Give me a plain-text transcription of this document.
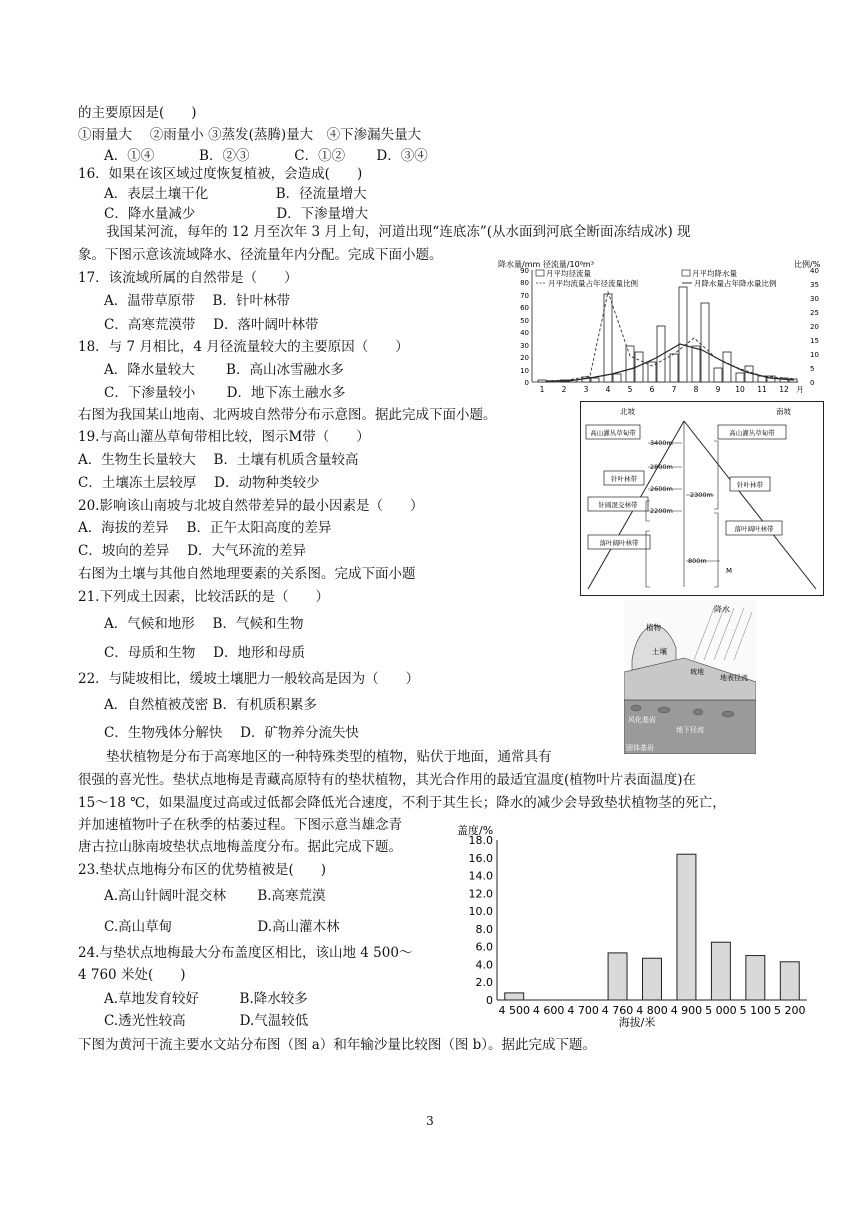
的主要原因是(　　)
①雨量大　 ②雨量小 ③蒸发(蒸腾)量大　④下渗漏失量大
A．①④　　　 B．②③　　　 C．①②　　 D．③④
16．如果在该区域过度恢复植被，会造成(　　)
A．表层土壤干化　　　　　B．径流量增大
C．降水量减少　　　　　　D．下渗量增大
我国某河流，每年的 12 月至次年 3 月上旬，河道出现“连底冻”(从水面到河底全断面冻结成冰) 现
象。下图示意该流域降水、径流量年内分配。完成下面小题。
17．该流域所属的自然带是（　　）
A．温带草原带　 B．针叶林带
C．高寒荒漠带　 D．落叶阔叶林带
18．与 7 月相比，4 月径流量较大的主要原因（　　）
A．降水量较大　　 B．高山冰雪融水多
C．下渗量较小　　 D．地下冻土融水多
右图为我国某山地南、北两坡自然带分布示意图。据此完成下面小题。
19.与高山灌丛草甸带相比较，图示M带（　　）
A．生物生长量较大　 B．土壤有机质含量较高
C．土壤冻土层较厚　 D．动物种类较少
20.影响该山南坡与北坡自然带差异的最小因素是（　　）
A．海拔的差异　 B．正午太阳高度的差异
C．坡向的差异　 D．大气环流的差异
右图为土壤与其他自然地理要素的关系图。完成下面小题
21.下列成土因素，比较活跃的是（　　）
A．气候和地形　 B．气候和生物
C．母质和生物　 D．地形和母质
22．与陡坡相比，缓坡土壤肥力一般较高是因为（　　）
A．自然植被茂密 B．有机质积累多
C．生物残体分解快　 D．矿物养分流失快
垫状植物是分布于高寒地区的一种特殊类型的植物，贴伏于地面，通常具有
很强的喜光性。垫状点地梅是青藏高原特有的垫状植物，其光合作用的最适宜温度(植物叶片表面温度)在
15～18 ℃，如果温度过高或过低都会降低光合速度，不利于其生长；降水的减少会导致垫状植物茎的死亡，
并加速植物叶子在秋季的枯萎过程。下图示意当雄念青
唐古拉山脉南坡垫状点地梅盖度分布。据此完成下题。
23.垫状点地梅分布区的优势植被是(　　)
A.高山针阔叶混交林　　 B.高寒荒漠
C.高山草甸　　　　　　 D.高山灌木林
24.与垫状点地梅最大分布盖度区相比，该山地 4 500～
4 760 米处(　　)
A.草地发育较好　　　B.降水较多
C.透光性较高　　　　D.气温较低
下图为黄河干流主要水文站分布图（图 a）和年输沙量比较图（图 b）。据此完成下题。
3
降水量/mm 径流量/10⁸m³	比例/%
月平均径流量	月平均降水量
月平均流量占年径流量比例	月降水量占年降水量比例
0
10
20
30
40
50
60
70
80
90
0
5
10
15
20
25
30
35
40
1 2 3 4 5 6 7 8 9 10 11 12 月
北坡	南坡
高山灌丛草甸带
针叶林带
针阔混交林带
落叶阔叶林带
高山灌丛草甸带
针叶林带
落叶阔叶林带
3400m
2800m
2600m
2200m
2300m
800m
M
降水
植物
土壤
坡地
地表径流
风化基岩
地下径流
固体基岩
盖度/%
0
2.0
4.0
6.0
8.0
10.0
12.0
14.0
16.0
18.0
4 500 4 600 4 700 4 760 4 800 4 900 5 000 5 100 5 200
海拔/米
